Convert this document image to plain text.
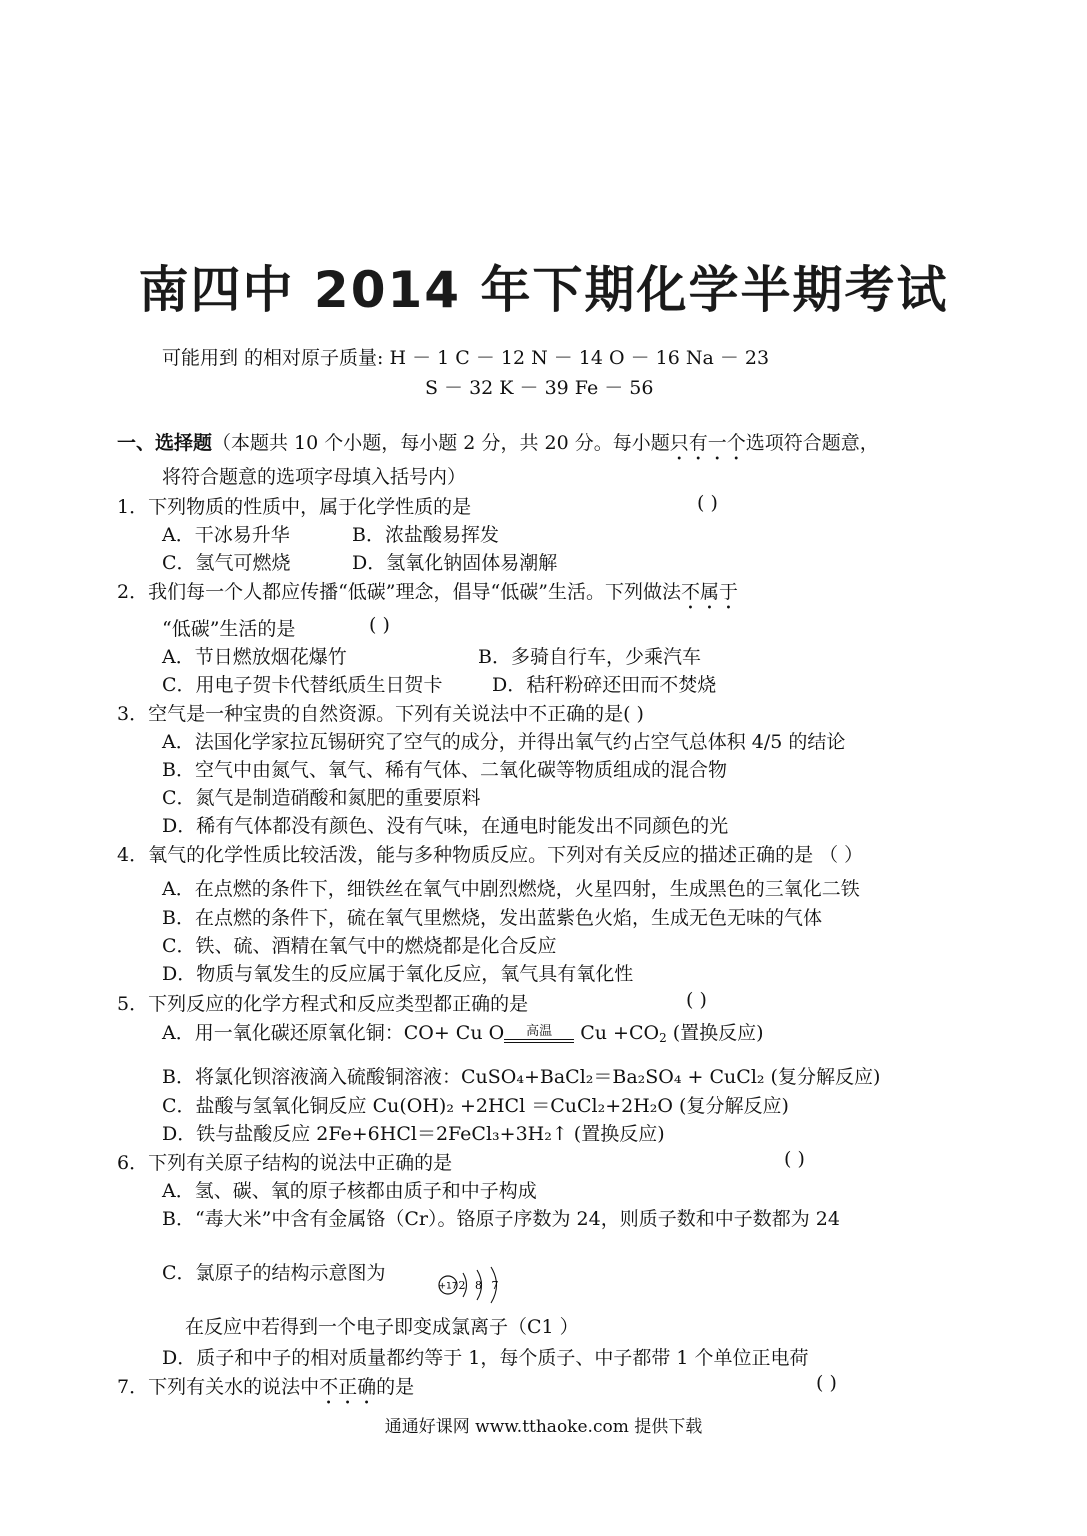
南四中 2014 年下期化学半期考试
可能用到 的相对原子质量: H － 1 C － 12 N － 14 O － 16 Na － 23
S － 32 K － 39 Fe － 56
一、选择题（本题共 10 个小题，每小题 2 分，共 20 分。每小题只有一个选项符合题意，
将符合题意的选项字母填入括号内）
1．下列物质的性质中，属于化学性质的是	( )
A．干冰易升华	B．浓盐酸易挥发
C．氢气可燃烧	D．氢氧化钠固体易潮解
2．我们每一个人都应传播“低碳”理念，倡导“低碳”生活。下列做法不属于
“低碳”生活的是	( )
A．节日燃放烟花爆竹	B．多骑自行车，少乘汽车
C．用电子贺卡代替纸质生日贺卡	D．秸秆粉碎还田而不焚烧
3．空气是一种宝贵的自然资源。下列有关说法中不正确的是( )
A．法国化学家拉瓦锡研究了空气的成分，并得出氧气约占空气总体积 4/5 的结论
B．空气中由氮气、氧气、稀有气体、二氧化碳等物质组成的混合物
C．氮气是制造硝酸和氮肥的重要原料
D．稀有气体都没有颜色、没有气味，在通电时能发出不同颜色的光
4．氧气的化学性质比较活泼，能与多种物质反应。下列对有关反应的描述正确的是 （ ）
A．在点燃的条件下，细铁丝在氧气中剧烈燃烧，火星四射，生成黑色的三氧化二铁
B．在点燃的条件下，硫在氧气里燃烧，发出蓝紫色火焰，生成无色无味的气体
C．铁、硫、酒精在氧气中的燃烧都是化合反应
D．物质与氧发生的反应属于氧化反应，氧气具有氧化性
5．下列反应的化学方程式和反应类型都正确的是	( )
A．用一氧化碳还原氧化铜：CO+ Cu O	高温	$Cu +CO_2$ (置换反应)
B．将氯化钡溶液滴入硫酸铜溶液：CuSO₄+BaCl₂＝Ba₂SO₄ + CuCl₂ (复分解反应)
C．盐酸与氢氧化铜反应 Cu(OH)₂ +2HCl ＝CuCl₂+2H₂O (复分解反应)
D．铁与盐酸反应 2Fe+6HCl＝2FeCl₃+3H₂↑ (置换反应)
6．下列有关原子结构的说法中正确的是	( )
A．氢、碳、氧的原子核都由质子和中子构成
B．“毒大米”中含有金属铬（Cr）。铬原子序数为 24，则质子数和中子数都为 24
C．氯原子的结构示意图为
+17 2 8 7
在反应中若得到一个电子即变成氯离子（C1 ）
D．质子和中子的相对质量都约等于 1，每个质子、中子都带 1 个单位正电荷
7．下列有关水的说法中不正确的是	( )
通通好课网 www.tthaoke.com 提供下载
